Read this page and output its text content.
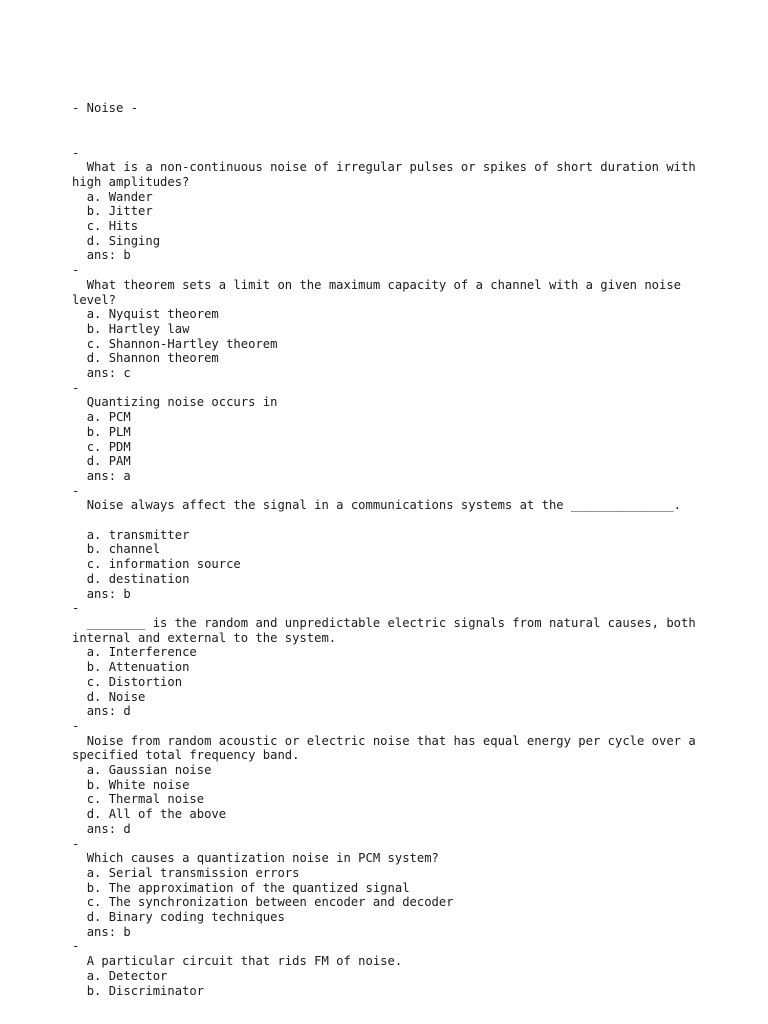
- Noise -

-
What is a non-continuous noise of irregular pulses or spikes of short duration with high amplitudes?
a. Wander
b. Jitter
c. Hits
d. Singing
ans: b
-
What theorem sets a limit on the maximum capacity of a channel with a given noise level?
a. Nyquist theorem
b. Hartley law
c. Shannon-Hartley theorem
d. Shannon theorem
ans: c
-
Quantizing noise occurs in
a. PCM
b. PLM
c. PDM
d. PAM
ans: a
-
Noise always affect the signal in a communications systems at the ______________.
a. transmitter
b. channel
c. information source
d. destination
ans: b
-
________ is the random and unpredictable electric signals from natural causes, both internal and external to the system.
a. Interference
b. Attenuation
c. Distortion
d. Noise
ans: d
-
Noise from random acoustic or electric noise that has equal energy per cycle over a specified total frequency band.
a. Gaussian noise
b. White noise
c. Thermal noise
d. All of the above
ans: d
-
Which causes a quantization noise in PCM system?
a. Serial transmission errors
b. The approximation of the quantized signal
c. The synchronization between encoder and decoder
d. Binary coding techniques
ans: b
-
A particular circuit that rids FM of noise.
a. Detector
b. Discriminator
